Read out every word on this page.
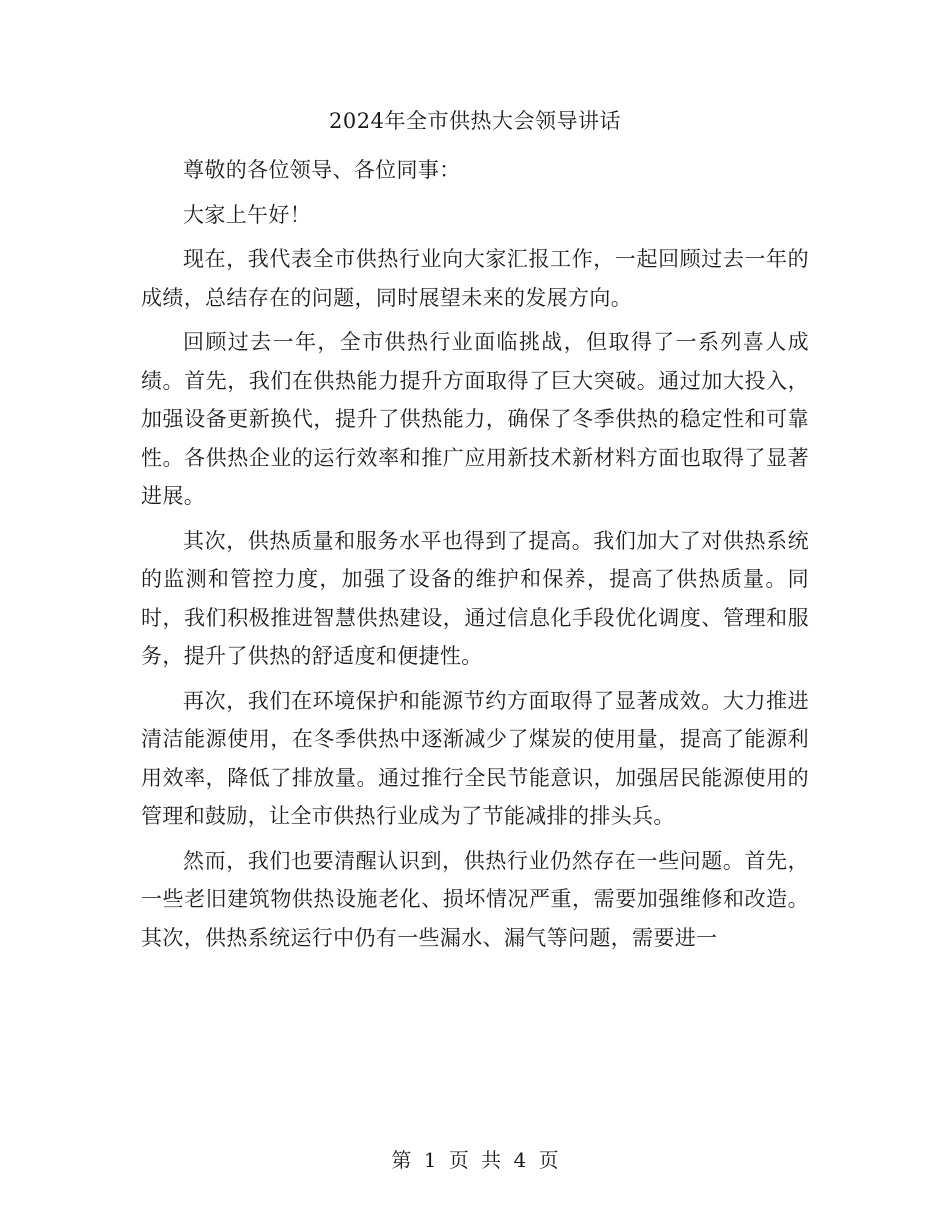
2024年全市供热大会领导讲话

尊敬的各位领导、各位同事：

大家上午好！

现在，我代表全市供热行业向大家汇报工作，一起回顾过去一年的成绩，总结存在的问题，同时展望未来的发展方向。

回顾过去一年，全市供热行业面临挑战，但取得了一系列喜人成绩。首先，我们在供热能力提升方面取得了巨大突破。通过加大投入，加强设备更新换代，提升了供热能力，确保了冬季供热的稳定性和可靠性。各供热企业的运行效率和推广应用新技术新材料方面也取得了显著进展。

其次，供热质量和服务水平也得到了提高。我们加大了对供热系统的监测和管控力度，加强了设备的维护和保养，提高了供热质量。同时，我们积极推进智慧供热建设，通过信息化手段优化调度、管理和服务，提升了供热的舒适度和便捷性。

再次，我们在环境保护和能源节约方面取得了显著成效。大力推进清洁能源使用，在冬季供热中逐渐减少了煤炭的使用量，提高了能源利用效率，降低了排放量。通过推行全民节能意识，加强居民能源使用的管理和鼓励，让全市供热行业成为了节能减排的排头兵。

然而，我们也要清醒认识到，供热行业仍然存在一些问题。首先，一些老旧建筑物供热设施老化、损坏情况严重，需要加强维修和改造。其次，供热系统运行中仍有一些漏水、漏气等问题，需要进一

第 1 页 共 4 页
